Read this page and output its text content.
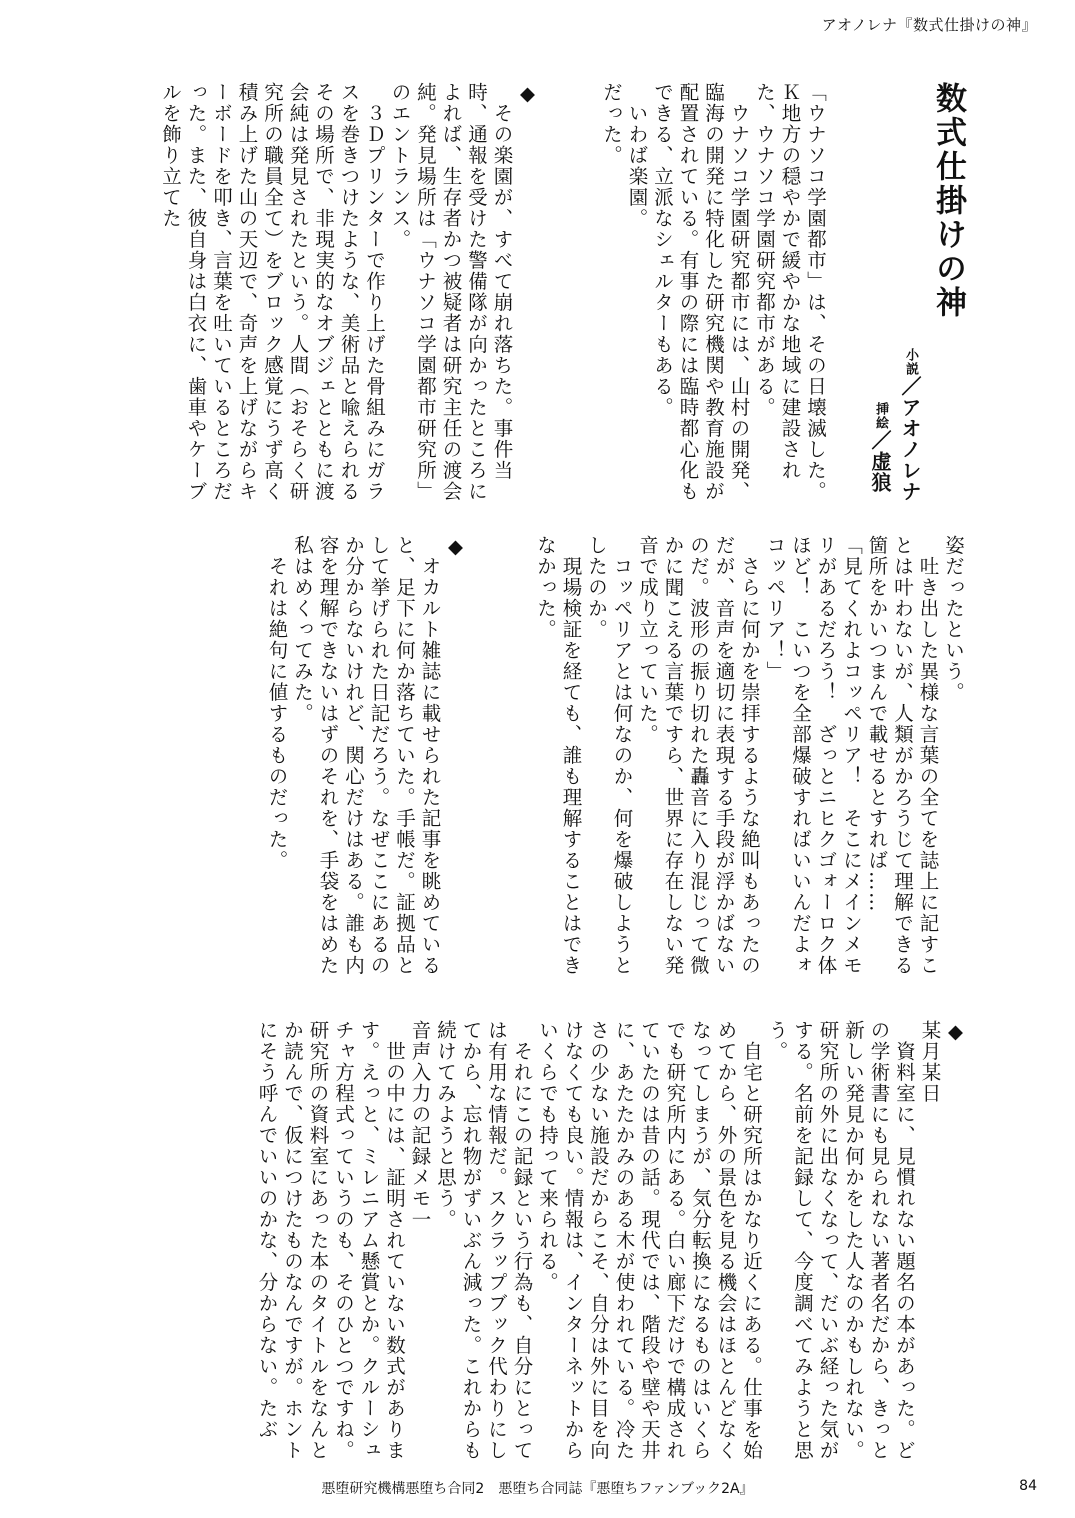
アオノレナ『数式仕掛けの神』
数式仕掛けの神
小説／アオノレナ
挿絵／虚狼
「ウナソコ学園都市」は、その日壊滅した。
Ｋ地方の穏やかで緩やかな地域に建設された、ウナソコ学園研究都市がある。
　ウナソコ学園研究都市には、山村の開発、臨海の開発に特化した研究機関や教育施設が配置されている。有事の際には臨時都心化もできる、立派なシェルターもある。
　いわば楽園。
だった。
◆
　その楽園が、すべて崩れ落ちた。事件当時、通報を受けた警備隊が向かったところによれば、生存者かつ被疑者は研究主任の渡会純。発見場所は「ウナソコ学園都市研究所」のエントランス。
　３Ｄプリンターで作り上げた骨組みにガラスを巻きつけたような、美術品と喩えられるその場所で、非現実的なオブジェとともに渡会純は発見されたという。人間（おそらく研究所の職員全て）をブロック感覚にうず高く積み上げた山の天辺で、奇声を上げながらキーボードを叩き、言葉を吐いているところだった。また、彼自身は白衣に、歯車やケーブルを飾り立てた
姿だったという。
　吐き出した異様な言葉の全てを誌上に記すことは叶わないが、人類がかろうじて理解できる箇所をかいつまんで載せるとすれば……
「見てくれよコッペリア！　そこにメインメモリがあるだろう！　ざっとニヒクゴォーロク体ほど！　こいつを全部爆破すればいいんだよォコッペリア！」
　さらに何かを崇拝するような絶叫もあったのだが、音声を適切に表現する手段が浮かばないのだ。波形の振り切れた轟音に入り混じって微かに聞こえる言葉ですら、世界に存在しない発音で成り立っていた。
　コッペリアとは何なのか、何を爆破しようとしたのか。
　現場検証を経ても、誰も理解することはできなかった。
◆
　オカルト雑誌に載せられた記事を眺めていると、足下に何か落ちていた。手帳だ。証拠品として挙げられた日記だろう。なぜここにあるのか分からないけれど、関心だけはある。誰も内容を理解できないはずのそれを、手袋をはめた私はめくってみた。
　それは絶句に値するものだった。
◆
某月某日
　資料室に、見慣れない題名の本があった。どの学術書にも見られない著者名だから、きっと新しい発見か何かをした人なのかもしれない。研究所の外に出なくなって、だいぶ経った気がする。名前を記録して、今度調べてみようと思う。
　自宅と研究所はかなり近くにある。仕事を始めてから、外の景色を見る機会はほとんどなくなってしまうが、気分転換になるものはいくらでも研究所内にある。白い廊下だけで構成されていたのは昔の話。現代では、階段や壁や天井に、あたたかみのある木が使われている。冷たさの少ない施設だからこそ、自分は外に目を向けなくても良い。情報は、インターネットからいくらでも持って来られる。
　それにこの記録という行為も、自分にとっては有用な情報だ。スクラップブック代わりにしてから、忘れ物がずいぶん減った。これからも続けてみようと思う。
音声入力の記録メモ一
　世の中には、証明されていない数式がありま す。えっと、ミレニアム懸賞とか。クルーシュチャ方程式っていうのも、そのひとつですね。研究所の資料室にあった本のタイトルをなんとか読んで、仮につけたものなんですが。ホントにそう呼んでいいのかな、分からない。たぶ
悪堕研究機構悪堕ち合同2　悪堕ち合同誌『悪堕ちファンブック2A』	84
